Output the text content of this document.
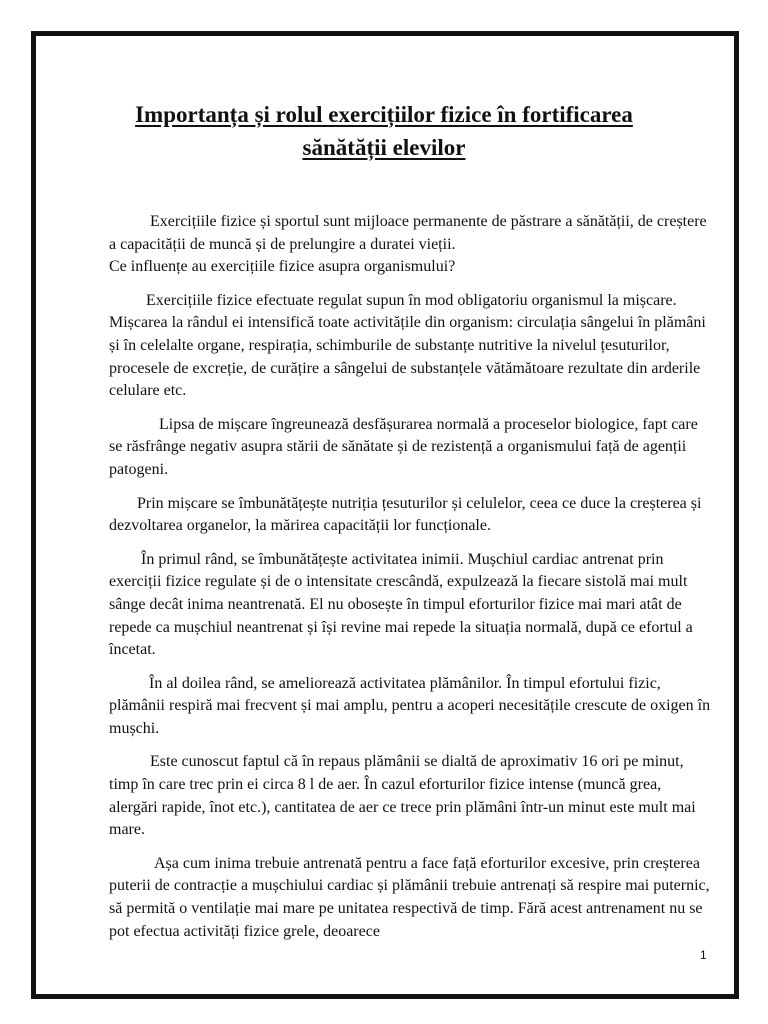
Importanța și rolul exercițiilor fizice în fortificarea
sănătății elevilor

Exercițiile fizice și sportul sunt mijloace permanente de păstrare a sănătății, de creștere a capacității de muncă și de prelungire a duratei vieții.

Ce influențe au exercițiile fizice asupra organismului?

Exercițiile fizice efectuate regulat supun în mod obligatoriu organismul la mișcare. Mișcarea la rândul ei intensifică toate activitățile din organism: circulația sângelui în plămâni și în celelalte organe, respirația, schimburile de substanțe nutritive la nivelul țesuturilor, procesele de excreție, de curățire a sângelui de substanțele vătămătoare rezultate din arderile celulare etc.

Lipsa de mișcare îngreunează desfășurarea normală a proceselor biologice, fapt care se răsfrânge negativ asupra stării de sănătate și de rezistență a organismului față de agenții patogeni.

Prin mișcare se îmbunătățește nutriția țesuturilor și celulelor, ceea ce duce la creșterea și dezvoltarea organelor, la mărirea capacității lor funcționale.

În primul rând, se îmbunătățește activitatea inimii. Mușchiul cardiac antrenat prin exerciții fizice regulate și de o intensitate crescândă, expulzează la fiecare sistolă mai mult sânge decât inima neantrenată. El nu obosește în timpul eforturilor fizice mai mari atât de repede ca mușchiul neantrenat și își revine mai repede la situația normală, după ce efortul a încetat.

În al doilea rând, se ameliorează activitatea plămânilor. În timpul efortului fizic, plămânii respiră mai frecvent și mai amplu, pentru a acoperi necesitățile crescute de oxigen în mușchi.

Este cunoscut faptul că în repaus plămânii se dialtă de aproximativ 16 ori pe minut, timp în care trec prin ei circa 8 l de aer. În cazul eforturilor fizice intense (muncă grea, alergări rapide, înot etc.), cantitatea de aer ce trece prin plămâni într-un minut este mult mai mare.

Așa cum inima trebuie antrenată pentru a face față eforturilor excesive, prin creșterea puterii de contracție a mușchiului cardiac și plămânii trebuie antrenați să respire mai puternic, să permită o ventilație mai mare pe unitatea respectivă de timp. Fără acest antrenament nu se pot efectua activități fizice grele, deoarece

1
